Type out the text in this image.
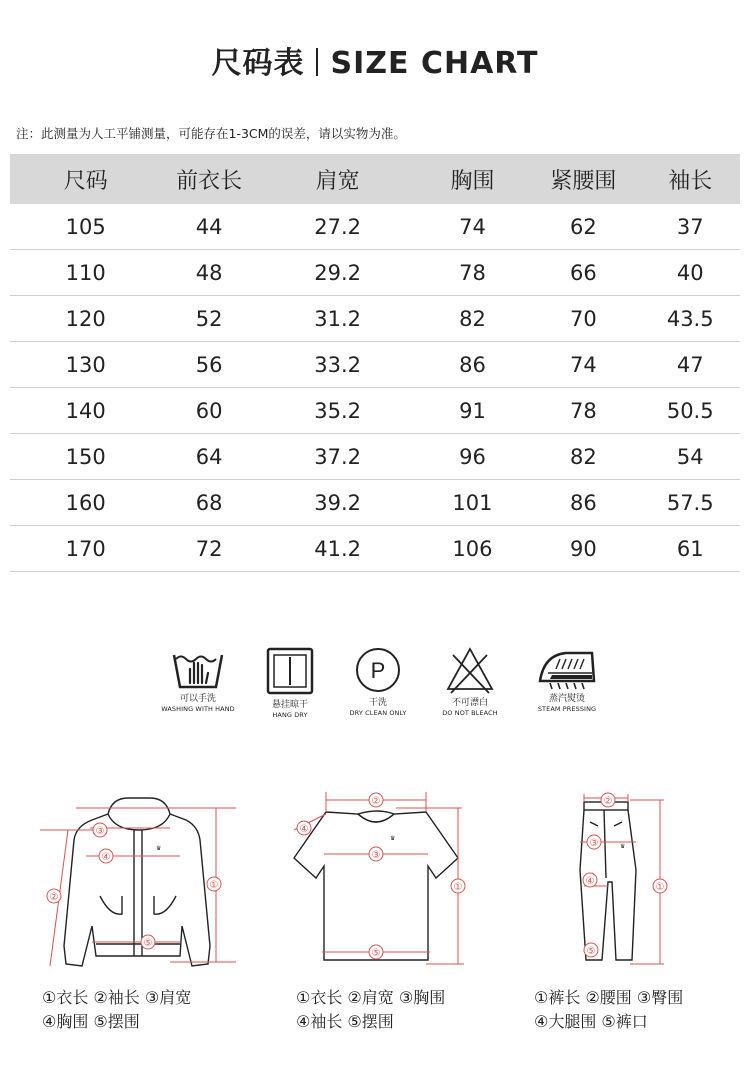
尺码表 SIZE CHART
注：此测量为人工平铺测量，可能存在1-3CM的误差，请以实物为准。
尺码	前衣长	肩宽	胸围	紧腰围	袖长
105	44	27.2	74	62	37
110	48	29.2	78	66	40
120	52	31.2	82	70	43.5
130	56	33.2	86	74	47
140	60	35.2	91	78	50.5
150	64	37.2	96	82	54
160	68	39.2	101	86	57.5
170	72	41.2	106	90	61
可以手洗
WASHING WITH HAND	悬挂晾干
HANG DRY
P
干洗
DRY CLEAN ONLY
不可漂白
DO NOT BLEACH
蒸汽熨烫
STEAM PRESSING
♛
③
④
①
②
⑤
♛
②
④
③
①
⑤
♛
②
③
④
①
⑤
①衣长 ②袖长 ③肩宽
④胸围 ⑤摆围
①衣长 ②肩宽 ③胸围
④袖长 ⑤摆围
①裤长 ②腰围 ③臀围
④大腿围 ⑤裤口
